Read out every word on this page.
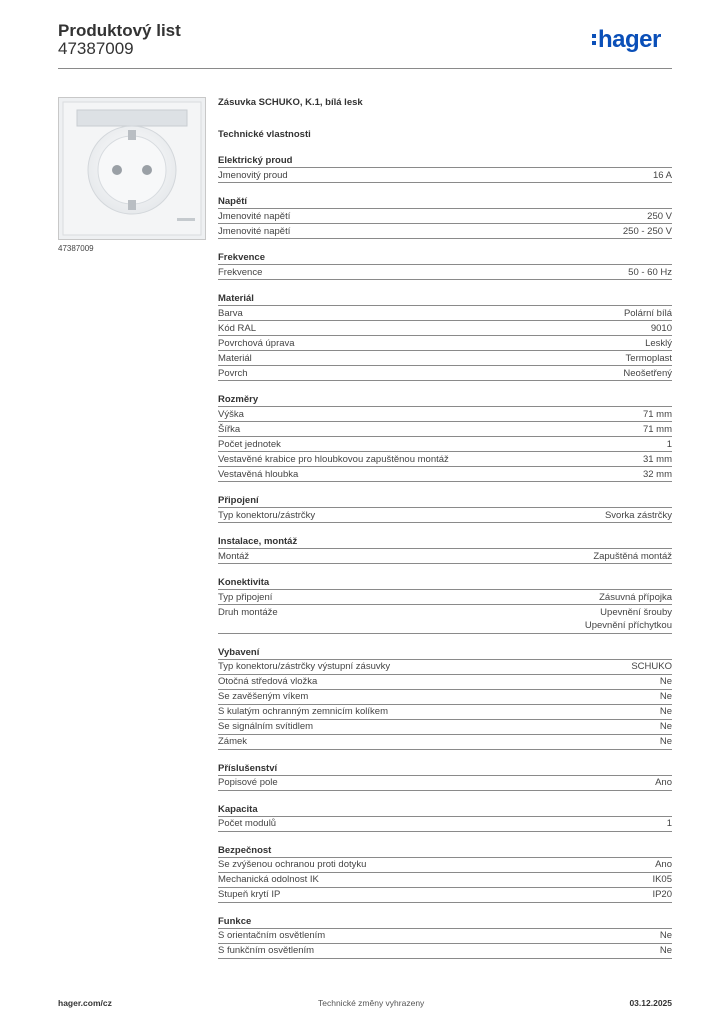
Produktový list
47387009	hager
47387009
Zásuvka SCHUKO, K.1, bílá lesk
Technické vlastnosti
Elektrický proud
Jmenovitý proud	16 A
Napětí
Jmenovité napětí	250 V
Jmenovité napětí	250 - 250 V
Frekvence
Frekvence	50 - 60 Hz
Materiál
Barva	Polární bílá
Kód RAL	9010
Povrchová úprava	Lesklý
Materiál	Termoplast
Povrch	Neošetřený
Rozměry
Výška	71 mm
Šířka	71 mm
Počet jednotek	1
Vestavěné krabice pro hloubkovou zapuštěnou montáž	31 mm
Vestavěná hloubka	32 mm
Připojení
Typ konektoru/zástrčky	Svorka zástrčky
Instalace, montáž
Montáž	Zapuštěná montáž
Konektivita
Typ připojení	Zásuvná přípojka
Druh montáže	Upevnění šrouby
Upevnění příchytkou
Vybavení
Typ konektoru/zástrčky výstupní zásuvky	SCHUKO
Otočná středová vložka	Ne
Se zavěšeným víkem	Ne
S kulatým ochranným zemnicím kolíkem	Ne
Se signálním svítidlem	Ne
Zámek	Ne
Příslušenství
Popisové pole	Ano
Kapacita
Počet modulů	1
Bezpečnost
Se zvýšenou ochranou proti dotyku	Ano
Mechanická odolnost IK	IK05
Stupeň krytí IP	IP20
Funkce
S orientačním osvětlením	Ne
S funkčním osvětlením	Ne
hager.com/cz	Technické změny vyhrazeny	03.12.2025
